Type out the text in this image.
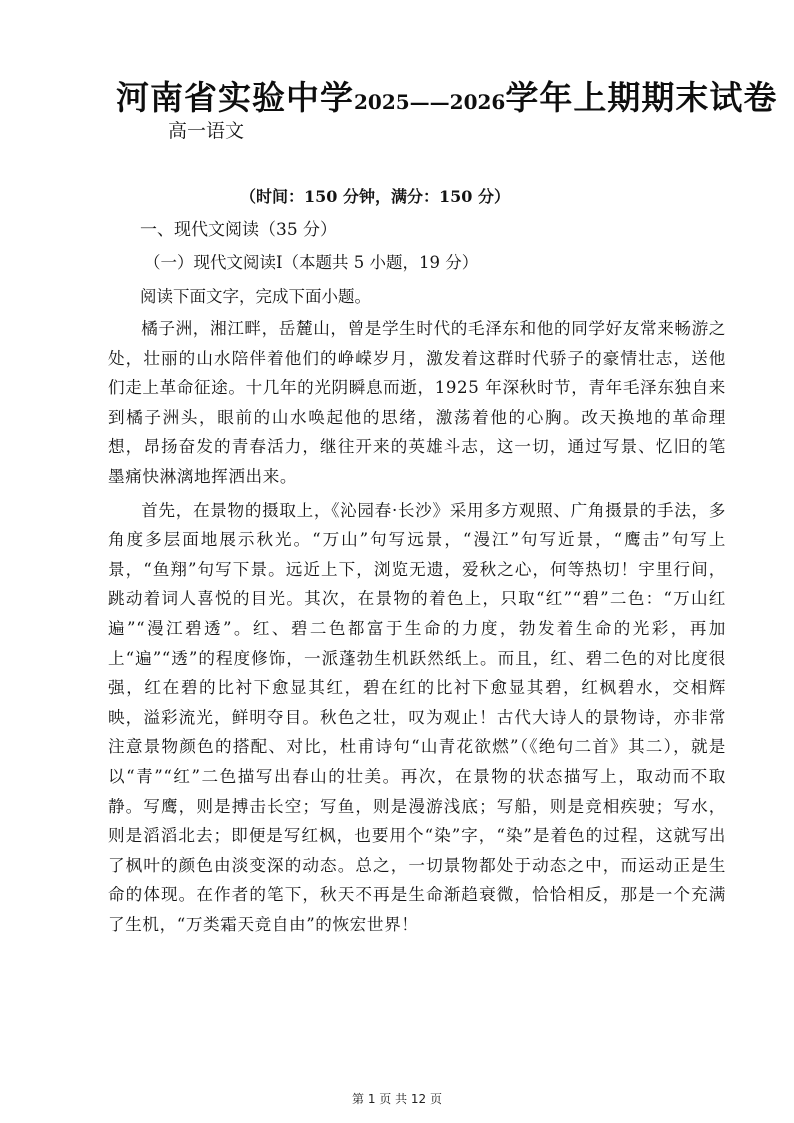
河南省实验中学2025——2026学年上期期末试卷
高一语文
（时间：150 分钟，满分：150 分）
一、现代文阅读（35 分）
（一）现代文阅读Ⅰ（本题共 5 小题，19 分）
阅读下面文字，完成下面小题。

橘子洲，湘江畔，岳麓山，曾是学生时代的毛泽东和他的同学好友常来畅游之处，壮丽的山水陪伴着他们的峥嵘岁月，激发着这群时代骄子的豪情壮志，送他们走上革命征途。十几年的光阴瞬息而逝，1925 年深秋时节，青年毛泽东独自来到橘子洲头，眼前的山水唤起他的思绪，激荡着他的心胸。改天换地的革命理想，昂扬奋发的青春活力，继往开来的英雄斗志，这一切，通过写景、忆旧的笔墨痛快淋漓地挥洒出来。

首先，在景物的摄取上，《沁园春·长沙》采用多方观照、广角摄景的手法，多角度多层面地展示秋光。“万山”句写远景，“漫江”句写近景，“鹰击”句写上景，“鱼翔”句写下景。远近上下，浏览无遗，爱秋之心，何等热切！宇里行间，跳动着词人喜悦的目光。其次，在景物的着色上，只取“红”“碧”二色：“万山红遍”“漫江碧透”。红、碧二色都富于生命的力度，勃发着生命的光彩，再加上“遍”“透”的程度修饰，一派蓬勃生机跃然纸上。而且，红、碧二色的对比度很强，红在碧的比衬下愈显其红，碧在红的比衬下愈显其碧，红枫碧水，交相辉映，溢彩流光，鲜明夺目。秋色之壮，叹为观止！古代大诗人的景物诗，亦非常注意景物颜色的搭配、对比，杜甫诗句“山青花欲燃”（《绝句二首》其二），就是以“青”“红”二色描写出春山的壮美。再次，在景物的状态描写上，取动而不取静。写鹰，则是搏击长空；写鱼，则是漫游浅底；写船，则是竞相疾驶；写水，则是滔滔北去；即便是写红枫，也要用个“染”字，“染”是着色的过程，这就写出了枫叶的颜色由淡变深的动态。总之，一切景物都处于动态之中，而运动正是生命的体现。在作者的笔下，秋天不再是生命渐趋衰微，恰恰相反，那是一个充满了生机，“万类霜天竞自由”的恢宏世界！

第 1 页 共 12 页
